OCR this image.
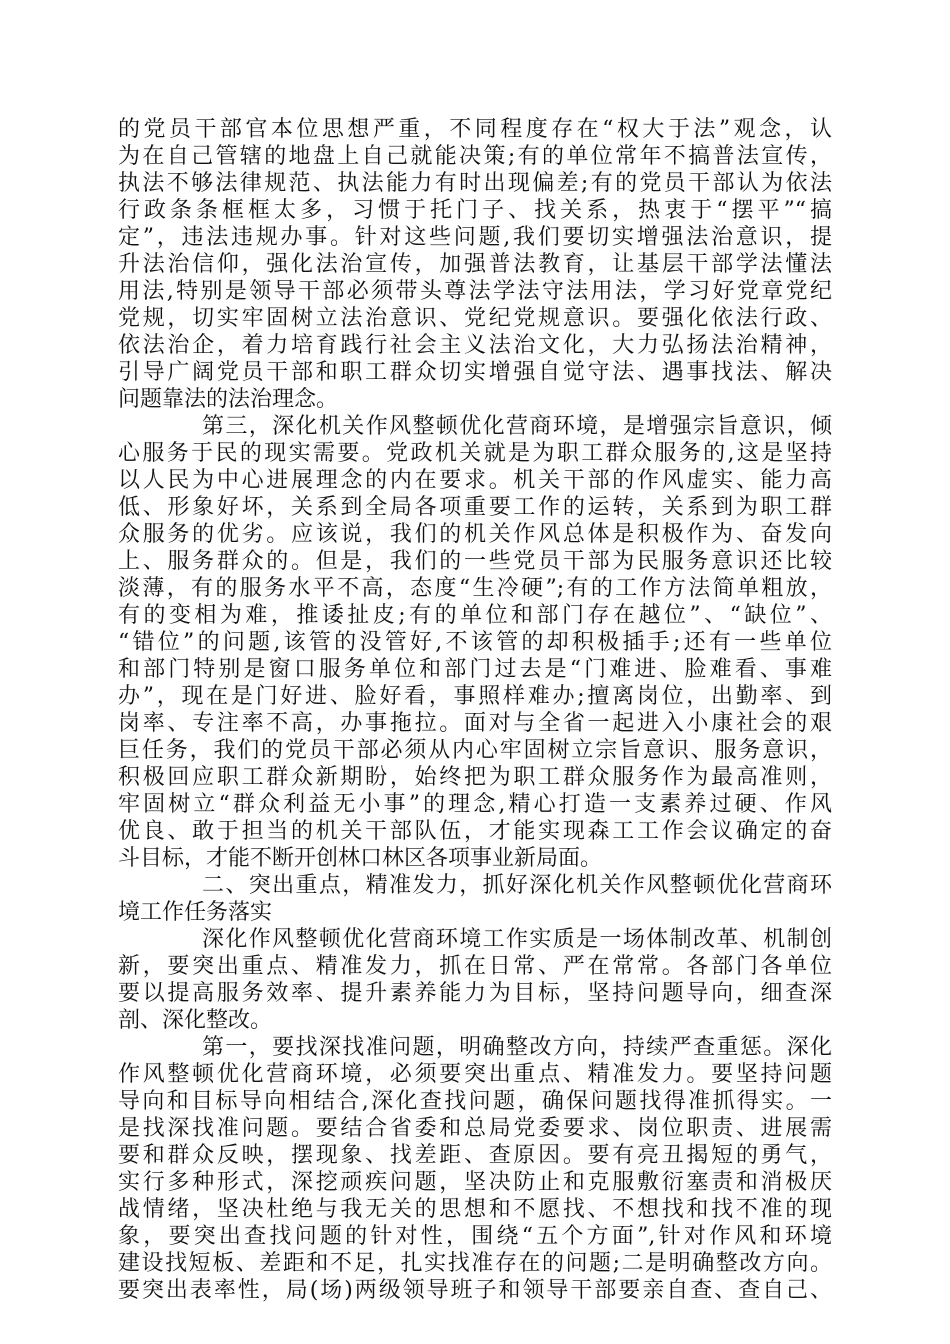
的党员干部官本位思想严重，不同程度存在“权大于法”观念，认
为在自己管辖的地盘上自己就能决策;有的单位常年不搞普法宣传，
执法不够法律规范、执法能力有时出现偏差;有的党员干部认为依法
行政条条框框太多，习惯于托门子、找关系，热衷于“摆平”“搞
定”，违法违规办事。针对这些问题,我们要切实增强法治意识，提
升法治信仰，强化法治宣传，加强普法教育，让基层干部学法懂法
用法,特别是领导干部必须带头尊法学法守法用法，学习好党章党纪
党规，切实牢固树立法治意识、党纪党规意识。要强化依法行政、
依法治企，着力培育践行社会主义法治文化，大力弘扬法治精神，
引导广阔党员干部和职工群众切实增强自觉守法、遇事找法、解决
问题靠法的法治理念。
第三，深化机关作风整顿优化营商环境，是增强宗旨意识，倾
心服务于民的现实需要。党政机关就是为职工群众服务的,这是坚持
以人民为中心进展理念的内在要求。机关干部的作风虚实、能力高
低、形象好坏，关系到全局各项重要工作的运转，关系到为职工群
众服务的优劣。应该说，我们的机关作风总体是积极作为、奋发向
上、服务群众的。但是，我们的一些党员干部为民服务意识还比较
淡薄，有的服务水平不高，态度“生冷硬”;有的工作方法简单粗放，
有的变相为难，推诿扯皮;有的单位和部门存在越位”、“缺位”、
“错位”的问题,该管的没管好,不该管的却积极插手;还有一些单位
和部门特别是窗口服务单位和部门过去是“门难进、脸难看、事难
办”，现在是门好进、脸好看，事照样难办;擅离岗位，出勤率、到
岗率、专注率不高，办事拖拉。面对与全省一起进入小康社会的艰
巨任务，我们的党员干部必须从内心牢固树立宗旨意识、服务意识，
积极回应职工群众新期盼，始终把为职工群众服务作为最高准则，
牢固树立“群众利益无小事”的理念,精心打造一支素养过硬、作风
优良、敢于担当的机关干部队伍，才能实现森工工作会议确定的奋
斗目标，才能不断开创林口林区各项事业新局面。
二、突出重点，精准发力，抓好深化机关作风整顿优化营商环
境工作任务落实
深化作风整顿优化营商环境工作实质是一场体制改革、机制创
新，要突出重点、精准发力，抓在日常、严在常常。各部门各单位
要以提高服务效率、提升素养能力为目标，坚持问题导向，细查深
剖、深化整改。
第一，要找深找准问题，明确整改方向，持续严查重惩。深化
作风整顿优化营商环境，必须要突出重点、精准发力。要坚持问题
导向和目标导向相结合,深化查找问题，确保问题找得准抓得实。一
是找深找准问题。要结合省委和总局党委要求、岗位职责、进展需
要和群众反映，摆现象、找差距、查原因。要有亮丑揭短的勇气，
实行多种形式，深挖顽疾问题，坚决防止和克服敷衍塞责和消极厌
战情绪，坚决杜绝与我无关的思想和不愿找、不想找和找不准的现
象，要突出查找问题的针对性，围绕“五个方面”,针对作风和环境
建设找短板、差距和不足，扎实找准存在的问题;二是明确整改方向。
要突出表率性，局(场)两级领导班子和领导干部要亲自查、查自己、
